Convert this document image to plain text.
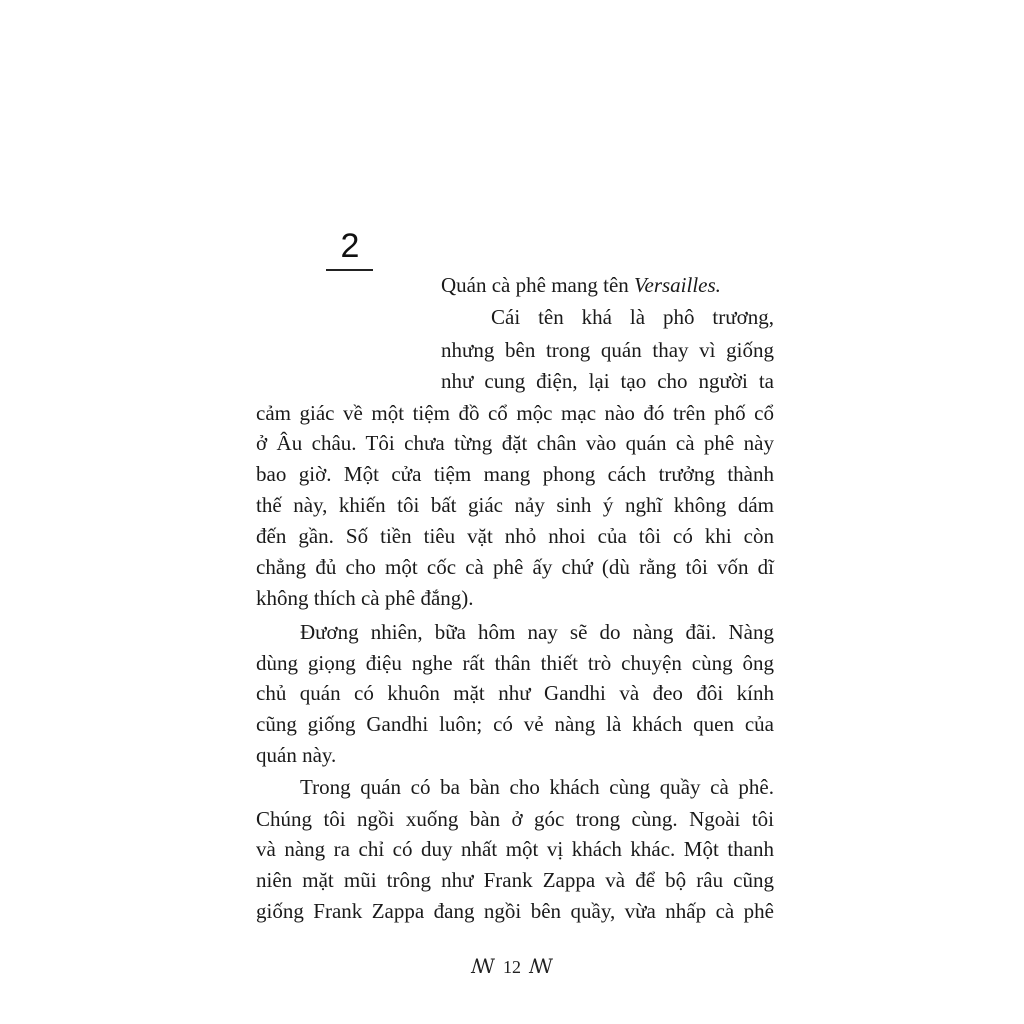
2
Quán cà phê mang tên Versailles.
Cái tên khá là phô trương,
nhưng bên trong quán thay vì giống
như cung điện, lại tạo cho người ta
cảm giác về một tiệm đồ cổ mộc mạc nào đó trên phố cổ
ở Âu châu. Tôi chưa từng đặt chân vào quán cà phê này
bao giờ. Một cửa tiệm mang phong cách trưởng thành
thế này, khiến tôi bất giác nảy sinh ý nghĩ không dám
đến gần. Số tiền tiêu vặt nhỏ nhoi của tôi có khi còn
chẳng đủ cho một cốc cà phê ấy chứ (dù rằng tôi vốn dĩ
không thích cà phê đắng).
Đương nhiên, bữa hôm nay sẽ do nàng đãi. Nàng
dùng giọng điệu nghe rất thân thiết trò chuyện cùng ông
chủ quán có khuôn mặt như Gandhi và đeo đôi kính
cũng giống Gandhi luôn; có vẻ nàng là khách quen của
quán này.
Trong quán có ba bàn cho khách cùng quầy cà phê.
Chúng tôi ngồi xuống bàn ở góc trong cùng. Ngoài tôi
và nàng ra chỉ có duy nhất một vị khách khác. Một thanh
niên mặt mũi trông như Frank Zappa và để bộ râu cũng
giống Frank Zappa đang ngồi bên quầy, vừa nhấp cà phê
ꟿ 12 ꟿ
